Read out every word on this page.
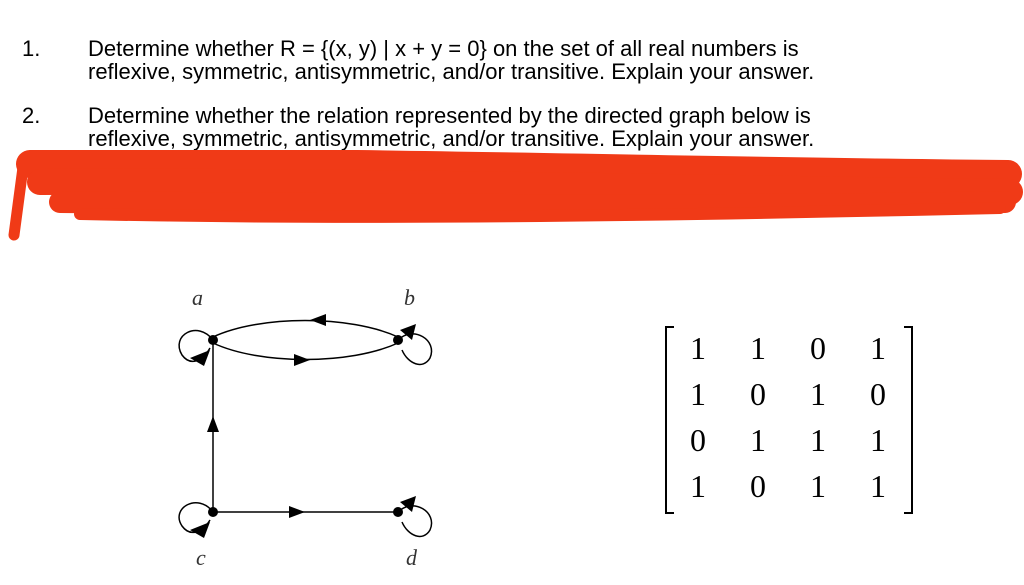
1. Determine whether R = {(x, y) | x + y = 0} on the set of all real numbers is
reflexive, symmetric, antisymmetric, and/or transitive. Explain your answer.
2. Determine whether the relation represented by the directed graph below is
reflexive, symmetric, antisymmetric, and/or transitive. Explain your answer.
a	b
c	d
1 1 0 1
1 0 1 0
0 1 1 1
1 0 1 1
